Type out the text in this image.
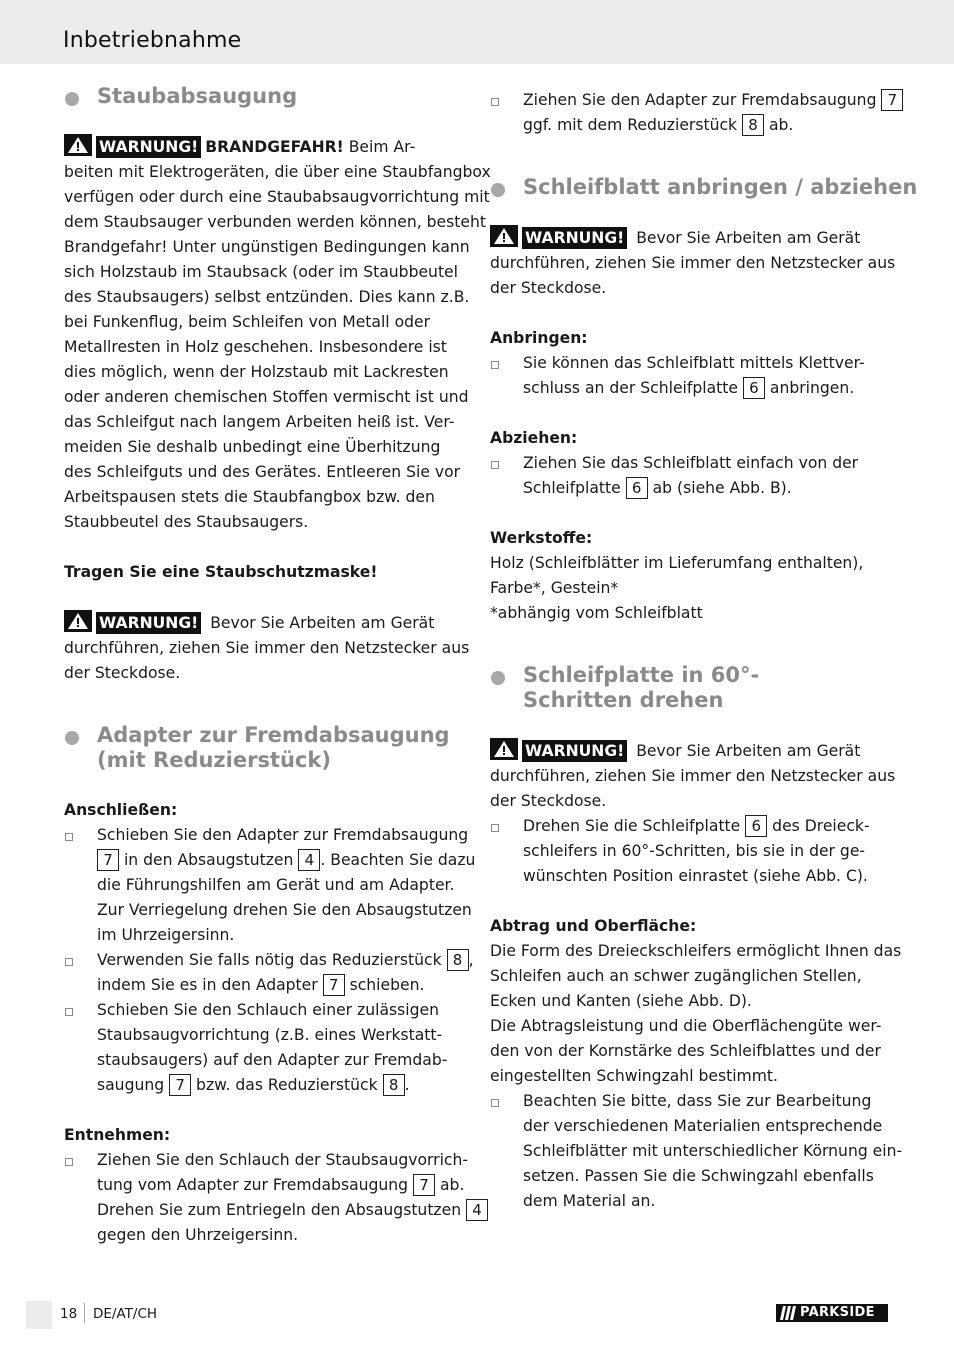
Inbetriebnahme
Staubabsaugung
WARNUNG! BRANDGEFAHR! Beim Ar-
beiten mit Elektrogeräten, die über eine Staubfangbox
verfügen oder durch eine Staubabsaugvorrichtung mit
dem Staubsauger verbunden werden können, besteht
Brandgefahr! Unter ungünstigen Bedingungen kann
sich Holzstaub im Staubsack (oder im Staubbeutel
des Staubsaugers) selbst entzünden. Dies kann z.B.
bei Funkenflug, beim Schleifen von Metall oder
Metallresten in Holz geschehen. Insbesondere ist
dies möglich, wenn der Holzstaub mit Lackresten
oder anderen chemischen Stoffen vermischt ist und
das Schleifgut nach langem Arbeiten heiß ist. Ver-
meiden Sie deshalb unbedingt eine Überhitzung
des Schleifguts und des Gerätes. Entleeren Sie vor
Arbeitspausen stets die Staubfangbox bzw. den
Staubbeutel des Staubsaugers.
Tragen Sie eine Staubschutzmaske!
WARNUNG! Bevor Sie Arbeiten am Gerät
durchführen, ziehen Sie immer den Netzstecker aus
der Steckdose.
Adapter zur Fremdabsaugung
(mit Reduzierstück)
Anschließen:
Schieben Sie den Adapter zur Fremdabsaugung
7 in den Absaugstutzen 4 . Beachten Sie dazu
die Führungshilfen am Gerät und am Adapter.
Zur Verriegelung drehen Sie den Absaugstutzen
im Uhrzeigersinn.
Verwenden Sie falls nötig das Reduzierstück 8 ,
indem Sie es in den Adapter 7 schieben.
Schieben Sie den Schlauch einer zulässigen
Staubsaugvorrichtung (z.B. eines Werkstatt-
staubsaugers) auf den Adapter zur Fremdab-
saugung 7 bzw. das Reduzierstück 8 .
Entnehmen:
Ziehen Sie den Schlauch der Staubsaugvorrich-
tung vom Adapter zur Fremdabsaugung 7 ab.
Drehen Sie zum Entriegeln den Absaugstutzen 4
gegen den Uhrzeigersinn.
Ziehen Sie den Adapter zur Fremdabsaugung 7
ggf. mit dem Reduzierstück 8 ab.
Schleifblatt anbringen / abziehen
WARNUNG! Bevor Sie Arbeiten am Gerät
durchführen, ziehen Sie immer den Netzstecker aus
der Steckdose.
Anbringen:
Sie können das Schleifblatt mittels Klettver-
schluss an der Schleifplatte 6 anbringen.
Abziehen:
Ziehen Sie das Schleifblatt einfach von der
Schleifplatte 6 ab (siehe Abb. B).
Werkstoffe:
Holz (Schleifblätter im Lieferumfang enthalten),
Farbe*, Gestein*
*abhängig vom Schleifblatt
Schleifplatte in 60°-
Schritten drehen
WARNUNG! Bevor Sie Arbeiten am Gerät
durchführen, ziehen Sie immer den Netzstecker aus
der Steckdose.
Drehen Sie die Schleifplatte 6 des Dreieck-
schleifers in 60°-Schritten, bis sie in der ge-
wünschten Position einrastet (siehe Abb. C).
Abtrag und Oberfläche:
Die Form des Dreieckschleifers ermöglicht Ihnen das
Schleifen auch an schwer zugänglichen Stellen,
Ecken und Kanten (siehe Abb. D).
Die Abtragsleistung und die Oberflächengüte wer-
den von der Kornstärke des Schleifblattes und der
eingestellten Schwingzahl bestimmt.
Beachten Sie bitte, dass Sie zur Bearbeitung
der verschiedenen Materialien entsprechende
Schleifblätter mit unterschiedlicher Körnung ein-
setzen. Passen Sie die Schwingzahl ebenfalls
dem Material an.
18 DE/AT/CH	PARKSIDE
